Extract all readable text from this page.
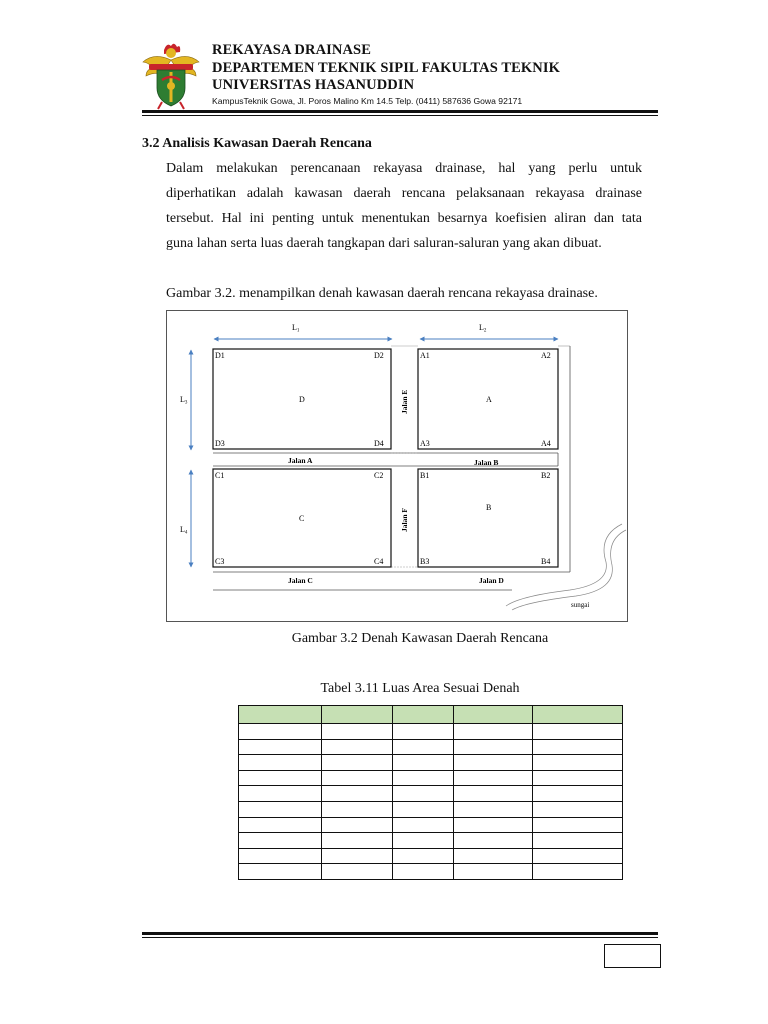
REKAYASA DRAINASE
DEPARTEMEN TEKNIK SIPIL FAKULTAS TEKNIK
UNIVERSITAS HASANUDDIN
KampusTeknik Gowa, Jl. Poros Malino Km 14.5 Telp. (0411) 587636 Gowa 92171
3.2 Analisis Kawasan Daerah Rencana
Dalam melakukan perencanaan rekayasa drainase, hal yang perlu untuk
diperhatikan adalah kawasan daerah rencana pelaksanaan rekayasa drainase
tersebut. Hal ini penting untuk menentukan besarnya koefisien aliran dan tata
guna lahan serta luas daerah tangkapan dari saluran-saluran yang akan dibuat.
Gambar 3.2. menampilkan denah kawasan daerah rencana rekayasa drainase.
L1	L2
L3
L4
D1	D2
D3	D4
D
A1	A2
A3	A4
A
C1	C2
C3	C4
C
B1	B2
B3	B4
B
Jalan A	Jalan B
Jalan C	Jalan D
Jalan E
Jalan F
sungai
Gambar 3.2 Denah Kawasan Daerah Rencana
Tabel 3.11 Luas Area Sesuai Denah
